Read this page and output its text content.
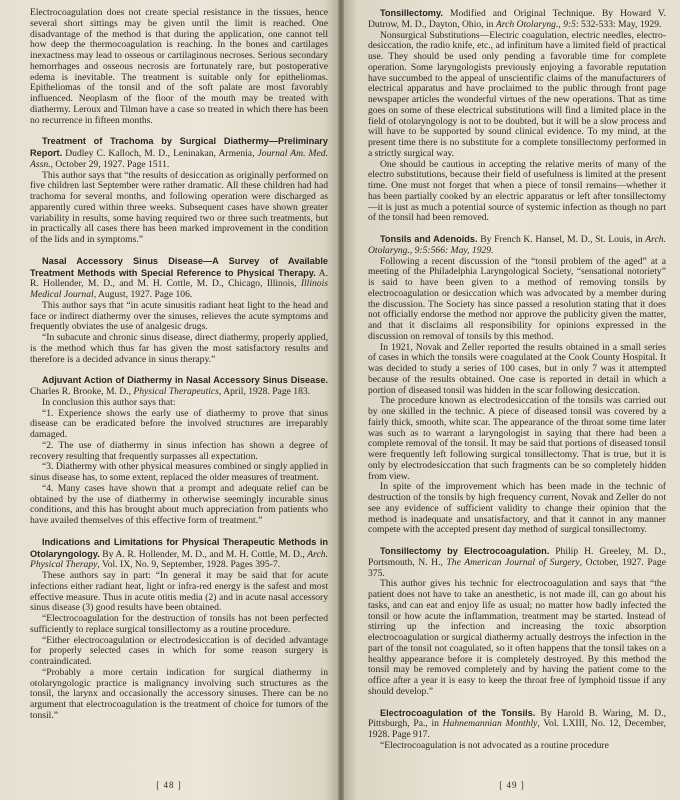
Electrocoagulation does not create special resistance in the tissues, hence several short sittings may be given until the limit is reached. One disadvantage of the method is that during the application, one cannot tell how deep the thermocoagulation is reaching. In the bones and cartilages inexactness may lead to osseous or cartilaginous necroses. Serious secondary hemorrhages and osseous necrosis are fortunately rare, but postoperative edema is inevitable. The treatment is suitable only for epitheliomas. Epitheliomas of the tonsil and of the soft palate are most favorably influenced. Neoplasm of the floor of the mouth may be treated with diathermy. Leroux and Tilman have a case so treated in which there has been no recurrence in fifteen months.

Treatment of Trachoma by Surgical Diathermy—Preliminary Report. Dudley C. Kalloch, M. D., Leninakan, Armenia, Journal Am. Med. Assn., October 29, 1927. Page 1511.

This author says that “the results of desiccation as originally performed on five children last September were rather dramatic. All these children had had trachoma for several months, and following operation were discharged as apparently cured within three weeks. Subsequent cases have shown greater variability in results, some having required two or three such treatments, but in practically all cases there has been marked improvement in the condition of the lids and in symptoms.”

Nasal Accessory Sinus Disease—A Survey of Available Treatment Methods with Special Reference to Physical Therapy. A. R. Hollender, M. D., and M. H. Cottle, M. D., Chicago, Illinois, Illinois Medical Journal, August, 1927. Page 106.

This author says that “in acute sinusitis radiant heat light to the head and face or indirect diathermy over the sinuses, relieves the acute symptoms and frequently obviates the use of analgesic drugs.

“In subacute and chronic sinus disease, direct diathermy, properly applied, is the method which thus far has given the most satisfactory results and therefore is a decided advance in sinus therapy.”

Adjuvant Action of Diathermy in Nasal Accessory Sinus Disease. Charles R. Brooke, M. D., Physical Therapeutics, April, 1928. Page 183.

In conclusion this author says that:

“1. Experience shows the early use of diathermy to prove that sinus disease can be eradicated before the involved structures are irreparably damaged.

“2. The use of diathermy in sinus infection has shown a degree of recovery resulting that frequently surpasses all expectation.

“3. Diathermy with other physical measures combined or singly applied in sinus disease has, to some extent, replaced the older measures of treatment.

“4. Many cases have shown that a prompt and adequate relief can be obtained by the use of diathermy in otherwise seemingly incurable sinus conditions, and this has brought about much appreciation from patients who have availed themselves of this effective form of treatment.”

Indications and Limitations for Physical Therapeutic Methods in Otolaryngology. By A. R. Hollender, M. D., and M. H. Cottle, M. D., Arch. Physical Therapy, Vol. IX, No. 9, September, 1928. Pages 395-7.

These authors say in part: “In general it may be said that for acute infections either radiant heat, light or infra-red energy is the safest and most effective measure. Thus in acute otitis media (2) and in acute nasal accessory sinus disease (3) good results have been obtained.

“Electrocoagulation for the destruction of tonsils has not been perfected sufficiently to replace surgical tonsillectomy as a routine procedure.

“Either electrocoagulation or electrodesiccation is of decided advantage for properly selected cases in which for some reason surgery is contraindicated.

“Probably a more certain indication for surgical diathermy in otolaryngologic practice is malignancy involving such structures as the tonsil, the larynx and occasionally the accessory sinuses. There can be no argument that electrocoagulation is the treatment of choice for tumors of the tonsil.”

[ 48 ]

Tonsillectomy. Modified and Original Technique. By Howard V. Dutrow, M. D., Dayton, Ohio, in Arch Otolaryng., 9:5: 532-533: May, 1929.

Nonsurgical Substitutions—Electric coagulation, electric needles, electro-desiccation, the radio knife, etc., ad infinitum have a limited field of practical use. They should be used only pending a favorable time for complete operation. Some laryngologists previously enjoying a favorable reputation have succumbed to the appeal of unscientific claims of the manufacturers of electrical apparatus and have proclaimed to the public through front page newspaper articles the wonderful virtues of the new operations. That as time goes on some of these electrical substitutions will find a limited place in the field of otolaryngology is not to be doubted, but it will be a slow process and will have to be supported by sound clinical evidence. To my mind, at the present time there is no substitute for a complete tonsillectomy performed in a strictly surgical way.

One should be cautious in accepting the relative merits of many of the electro substitutions, because their field of usefulness is limited at the present time. One must not forget that when a piece of tonsil remains—whether it has been partially cooked by an electric apparatus or left after tonsillectomy—it is just as much a potential source of systemic infection as though no part of the tonsil had been removed.

Tonsils and Adenoids. By French K. Hansel, M. D., St. Louis, in Arch. Otolaryng., 9:5:566: May, 1929.

Following a recent discussion of the “tonsil problem of the aged” at a meeting of the Philadelphia Laryngological Society, “sensational notoriety” is said to have been given to a method of removing tonsils by electrocoagulation or desiccation which was advocated by a member during the discussion. The Society has since passed a resolution stating that it does not officially endorse the method nor approve the publicity given the matter, and that it disclaims all responsibility for opinions expressed in the discussion on removal of tonsils by this method.

In 1921, Novak and Zeller reported the results obtained in a small series of cases in which the tonsils were coagulated at the Cook County Hospital. It was decided to study a series of 100 cases, but in only 7 was it attempted because of the results obtained. One case is reported in detail in which a portion of diseased tonsil was hidden in the scar following desiccation.

The procedure known as electrodesiccation of the tonsils was carried out by one skilled in the technic. A piece of diseased tonsil was covered by a fairly thick, smooth, white scar. The appearance of the throat some time later was such as to warrant a laryngologist in saying that there had been a complete removal of the tonsil. It may be said that portions of diseased tonsil were frequently left following surgical tonsillectomy. That is true, but it is only by electrodesiccation that such fragments can be so completely hidden from view.

In spite of the improvement which has been made in the technic of destruction of the tonsils by high frequency current, Novak and Zeller do not see any evidence of sufficient validity to change their opinion that the method is inadequate and unsatisfactory, and that it cannot in any manner compete with the accepted present day method of surgical tonsillectomy.

Tonsillectomy by Electrocoagulation. Philip H. Greeley, M. D., Portsmouth, N. H., The American Journal of Surgery, October, 1927. Page 375.

This author gives his technic for electrocoagulation and says that “the patient does not have to take an anesthetic, is not made ill, can go about his tasks, and can eat and enjoy life as usual; no matter how badly infected the tonsil or how acute the inflammation, treatment may be started. Instead of stirring up the infection and increasing the toxic absorption electrocoagulation or surgical diathermy actually destroys the infection in the part of the tonsil not coagulated, so it often happens that the tonsil takes on a healthy appearance before it is completely destroyed. By this method the tonsil may be removed completely and by having the patient come to the office after a year it is easy to keep the throat free of lymphoid tissue if any should develop.”

Electrocoagulation of the Tonsils. By Harold B. Waring, M. D., Pittsburgh, Pa., in Hahnemannian Monthly, Vol. LXIII, No. 12, December, 1928. Page 917.

“Electrocoagulation is not advocated as a routine procedure

[ 49 ]
